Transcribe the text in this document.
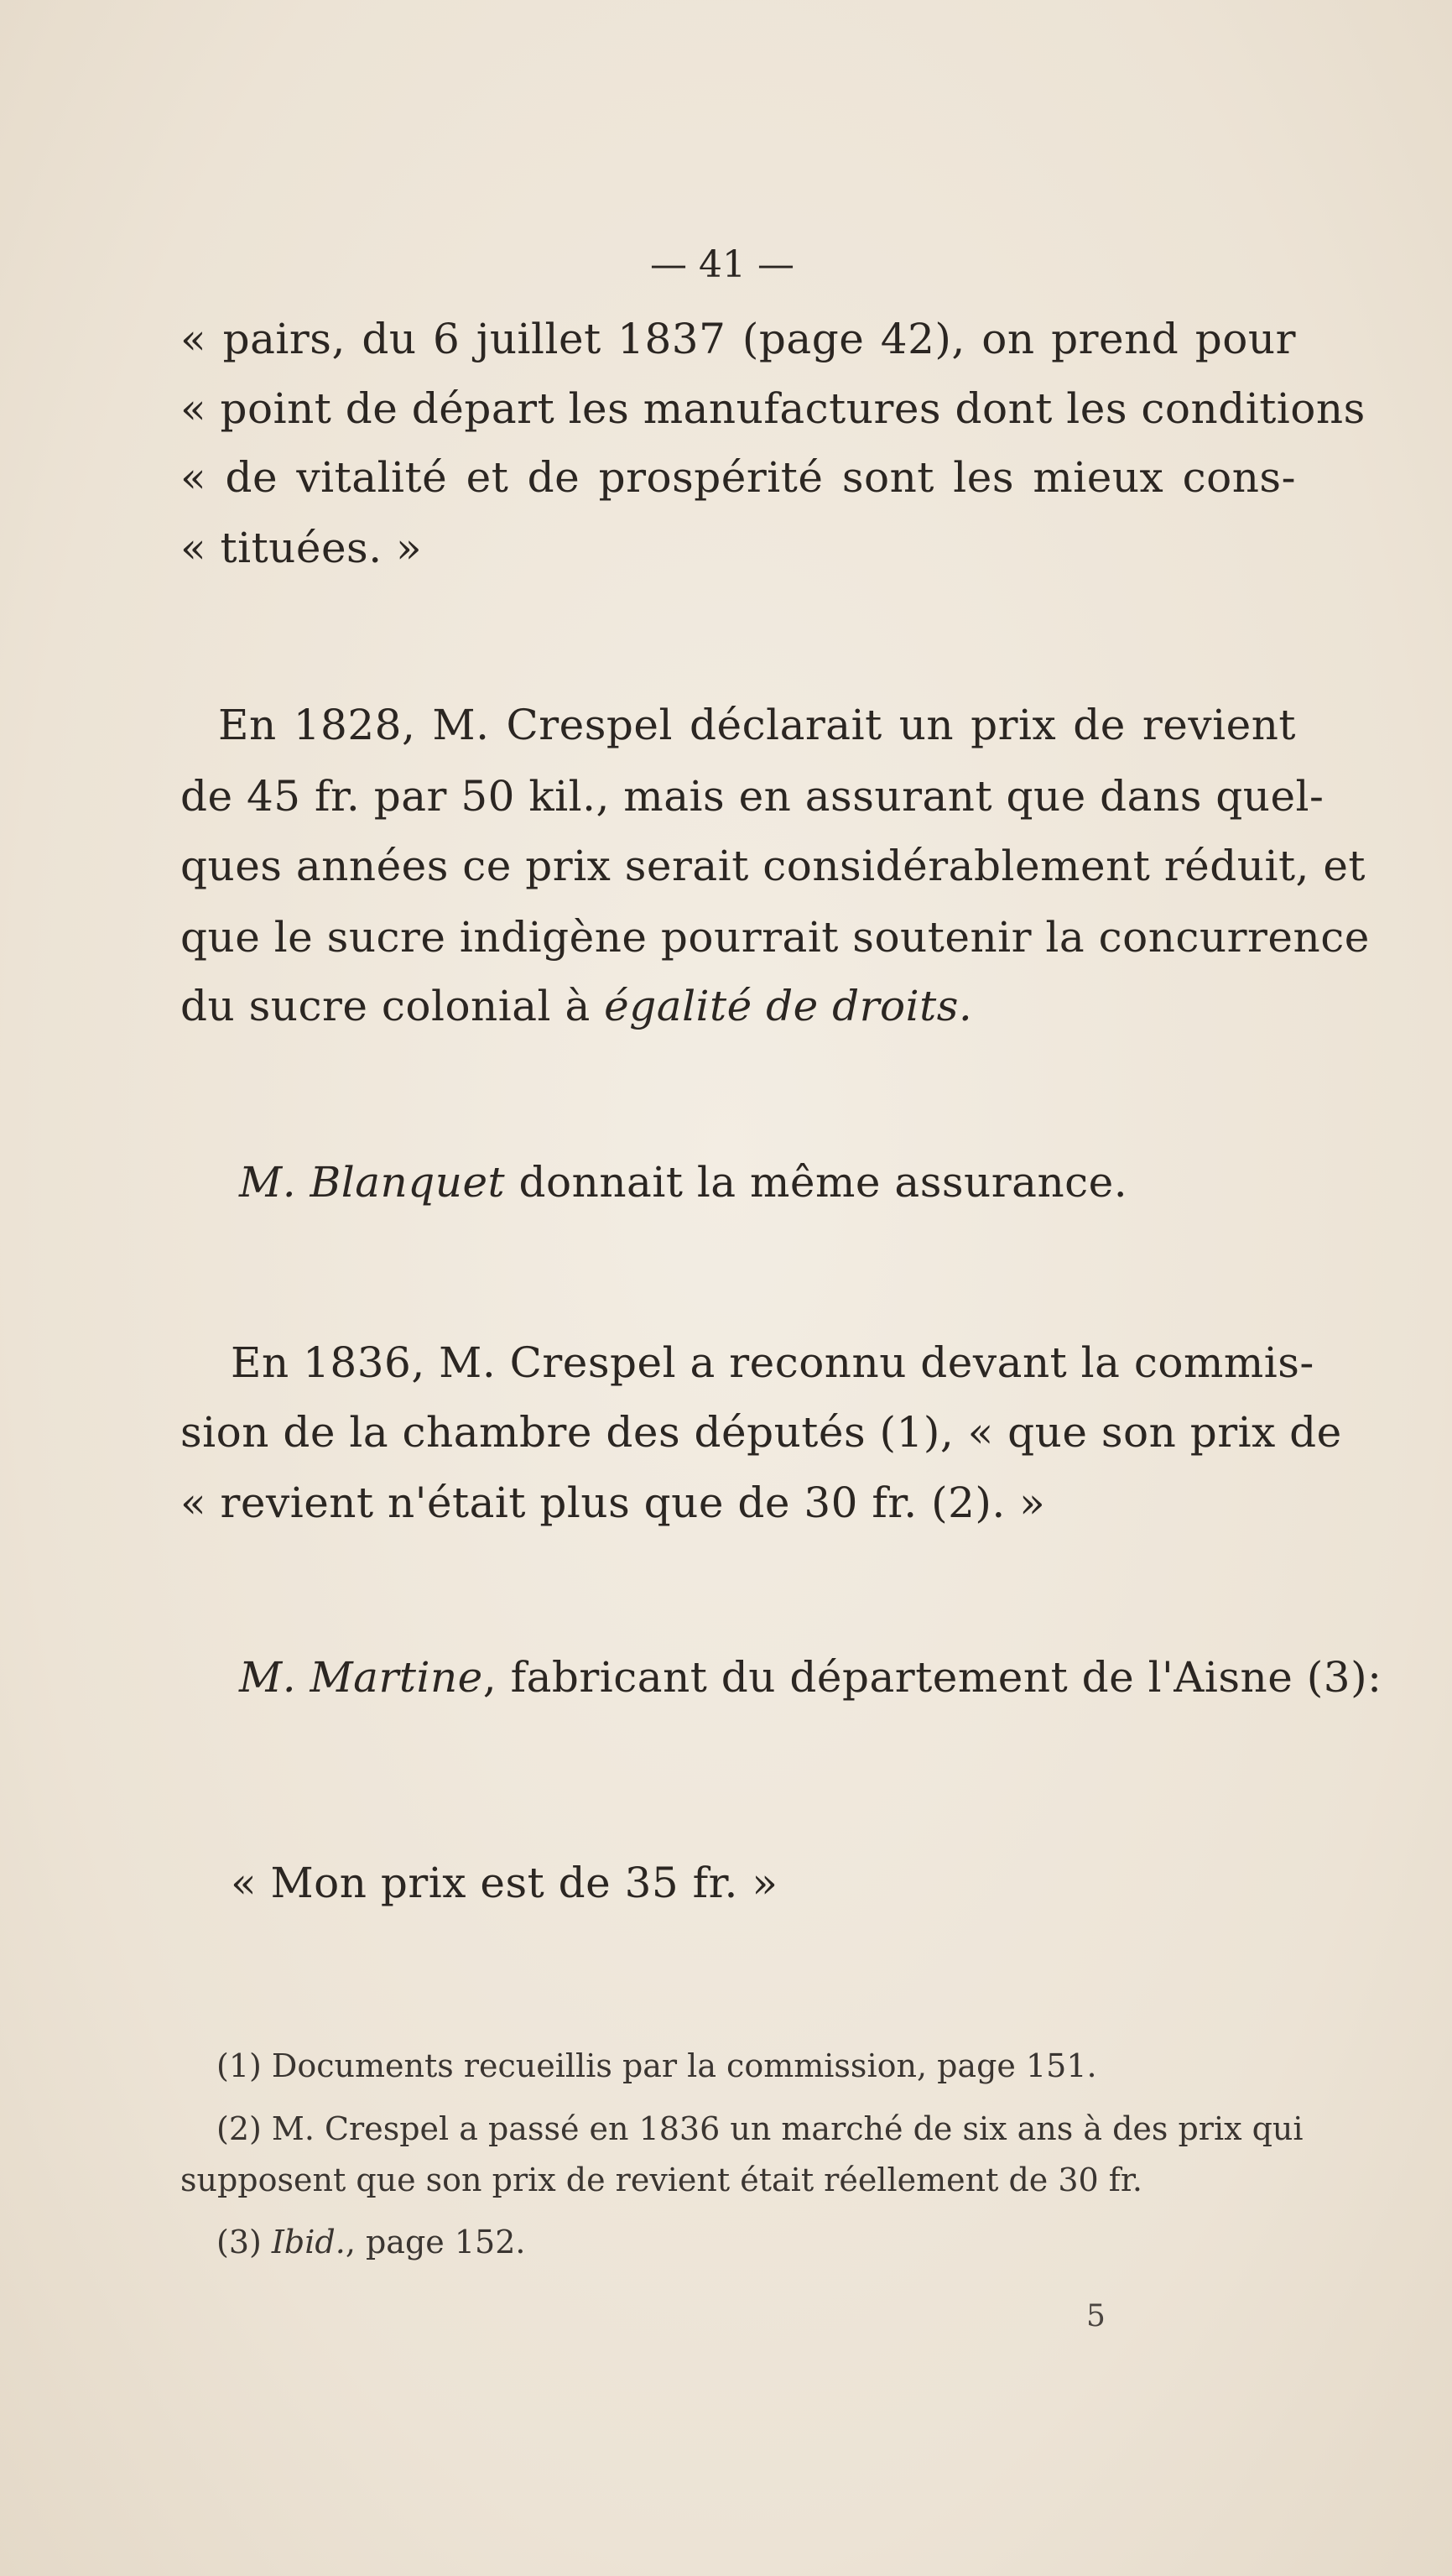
— 41 —
« pairs, du 6 juillet 1837 (page 42), on prend pour
« point de départ les manufactures dont les conditions
« de vitalité et de prospérité sont les mieux cons-
« tituées. »
En 1828, M. Crespel déclarait un prix de revient
de 45 fr. par 50 kil., mais en assurant que dans quel-
ques années ce prix serait considérablement réduit, et
que le sucre indigène pourrait soutenir la concurrence
du sucre colonial à égalité de droits.
M. Blanquet donnait la même assurance.
En 1836, M. Crespel a reconnu devant la commis-
sion de la chambre des députés (1), « que son prix de
« revient n'était plus que de 30 fr. (2). »
M. Martine, fabricant du département de l'Aisne (3):
« Mon prix est de 35 fr. »
(1) Documents recueillis par la commission, page 151.
(2) M. Crespel a passé en 1836 un marché de six ans à des prix qui
supposent que son prix de revient était réellement de 30 fr.
(3) Ibid., page 152.
5
